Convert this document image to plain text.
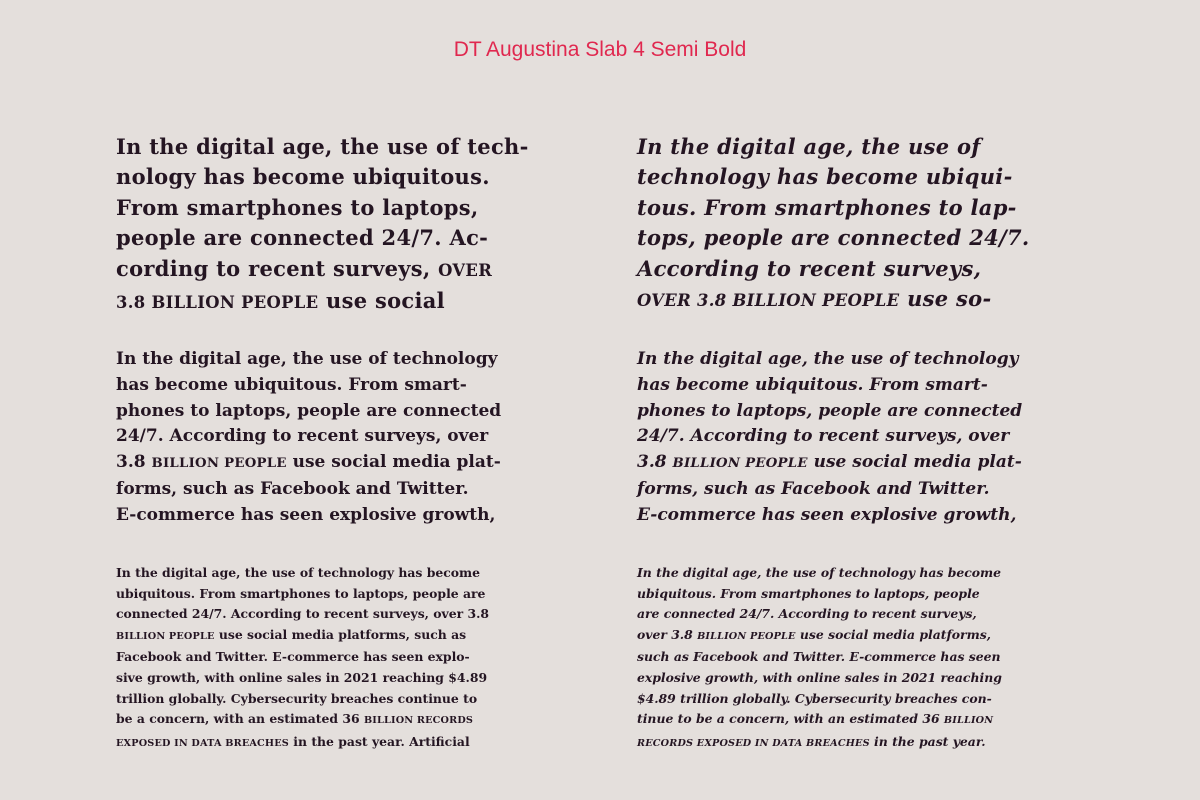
DT Augustina Slab 4 Semi Bold
In the digital age, the use of tech-
nology has become ubiquitous.
From smartphones to laptops,
people are connected 24/7. Ac-
cording to recent surveys, OVER
3.8 BILLION PEOPLE use social
In the digital age, the use of
technology has become ubiqui-
tous. From smartphones to lap-
tops, people are connected 24/7.
According to recent surveys,
OVER 3.8 BILLION PEOPLE use so-
In the digital age, the use of technology
has become ubiquitous. From smart-
phones to laptops, people are connected
24/7. According to recent surveys, over
3.8 BILLION PEOPLE use social media plat-
forms, such as Facebook and Twitter.
E-commerce has seen explosive growth,
In the digital age, the use of technology
has become ubiquitous. From smart-
phones to laptops, people are connected
24/7. According to recent surveys, over
3.8 BILLION PEOPLE use social media plat-
forms, such as Facebook and Twitter.
E-commerce has seen explosive growth,
In the digital age, the use of technology has become
ubiquitous. From smartphones to laptops, people are
connected 24/7. According to recent surveys, over 3.8
BILLION PEOPLE use social media platforms, such as
Facebook and Twitter. E-commerce has seen explo-
sive growth, with online sales in 2021 reaching $4.89
trillion globally. Cybersecurity breaches continue to
be a concern, with an estimated 36 BILLION RECORDS
EXPOSED IN DATA BREACHES in the past year. Artificial
In the digital age, the use of technology has become
ubiquitous. From smartphones to laptops, people
are connected 24/7. According to recent surveys,
over 3.8 BILLION PEOPLE use social media platforms,
such as Facebook and Twitter. E-commerce has seen
explosive growth, with online sales in 2021 reaching
$4.89 trillion globally. Cybersecurity breaches con-
tinue to be a concern, with an estimated 36 BILLION
RECORDS EXPOSED IN DATA BREACHES in the past year.
